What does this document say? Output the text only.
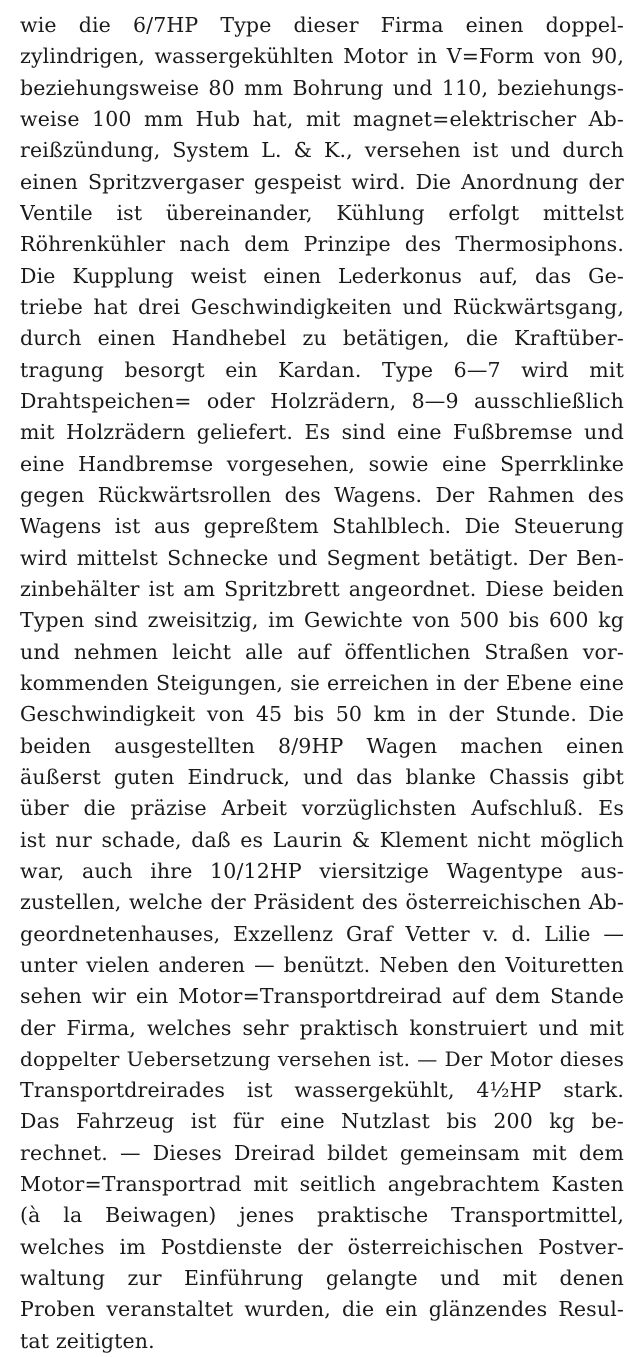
wie die 6/7HP Type dieser Firma einen doppel-
zylindrigen, wassergekühlten Motor in V=Form von 90,
beziehungsweise 80 mm Bohrung und 110, beziehungs-
weise 100 mm Hub hat, mit magnet=elektrischer Ab-
reißzündung, System L. & K., versehen ist und durch
einen Spritzvergaser gespeist wird. Die Anordnung der
Ventile ist übereinander, Kühlung erfolgt mittelst
Röhrenkühler nach dem Prinzipe des Thermosiphons.
Die Kupplung weist einen Lederkonus auf, das Ge-
triebe hat drei Geschwindigkeiten und Rückwärtsgang,
durch einen Handhebel zu betätigen, die Kraftüber-
tragung besorgt ein Kardan. Type 6—7 wird mit
Drahtspeichen= oder Holzrädern, 8—9 ausschließlich
mit Holzrädern geliefert. Es sind eine Fußbremse und
eine Handbremse vorgesehen, sowie eine Sperrklinke
gegen Rückwärtsrollen des Wagens. Der Rahmen des
Wagens ist aus gepreßtem Stahlblech. Die Steuerung
wird mittelst Schnecke und Segment betätigt. Der Ben-
zinbehälter ist am Spritzbrett angeordnet. Diese beiden
Typen sind zweisitzig, im Gewichte von 500 bis 600 kg
und nehmen leicht alle auf öffentlichen Straßen vor-
kommenden Steigungen, sie erreichen in der Ebene eine
Geschwindigkeit von 45 bis 50 km in der Stunde. Die
beiden ausgestellten 8/9HP Wagen machen einen
äußerst guten Eindruck, und das blanke Chassis gibt
über die präzise Arbeit vorzüglichsten Aufschluß. Es
ist nur schade, daß es Laurin & Klement nicht möglich
war, auch ihre 10/12HP viersitzige Wagentype aus-
zustellen, welche der Präsident des österreichischen Ab-
geordnetenhauses, Exzellenz Graf Vetter v. d. Lilie —
unter vielen anderen — benützt. Neben den Voituretten
sehen wir ein Motor=Transportdreirad auf dem Stande
der Firma, welches sehr praktisch konstruiert und mit
doppelter Uebersetzung versehen ist. — Der Motor dieses
Transportdreirades ist wassergekühlt, 4½HP stark.
Das Fahrzeug ist für eine Nutzlast bis 200 kg be-
rechnet. — Dieses Dreirad bildet gemeinsam mit dem
Motor=Transportrad mit seitlich angebrachtem Kasten
(à la Beiwagen) jenes praktische Transportmittel,
welches im Postdienste der österreichischen Postver-
waltung zur Einführung gelangte und mit denen
Proben veranstaltet wurden, die ein glänzendes Resul-
tat zeitigten.
